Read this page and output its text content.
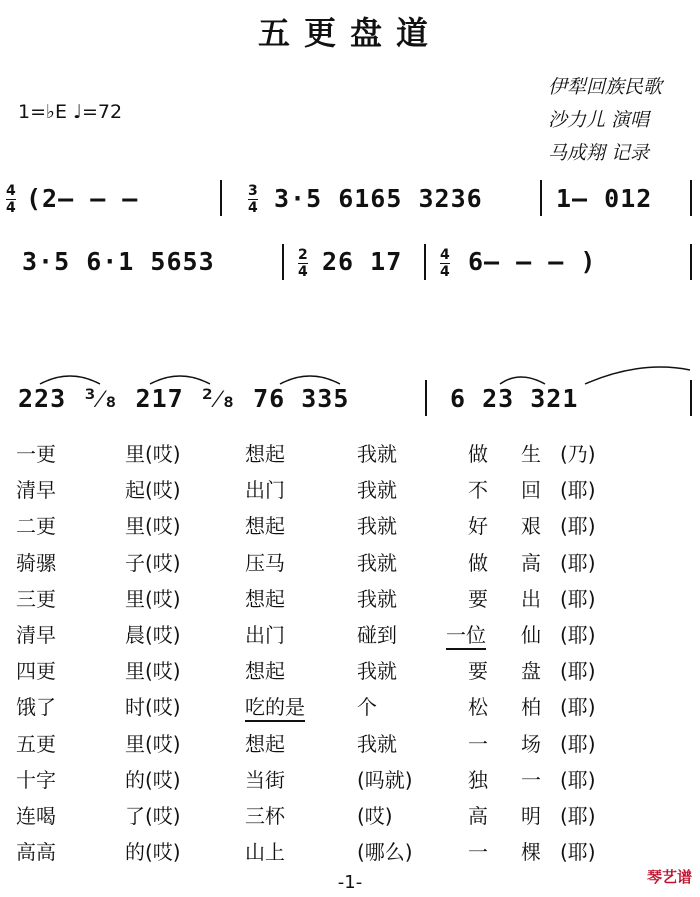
五更盘道
1=♭E ♩=72
伊犁回族民歌
沙力儿 演唱
马成翔 记录
4
4 (2— — —	3
4 3·5 6165 3236	1— 012
3·5 6·1 5653	2
4 26 17	4
4 6— — — )
223 ³⁄₈ 217 ²⁄₈ 76 335	6 23 321
一更	里(哎)	想起	我就	做 生 (乃)
清早	起(哎)	出门	我就	不 回 (耶)
二更	里(哎)	想起	我就	好 艰 (耶)
骑骡	子(哎)	压马	我就	做 高 (耶)
三更	里(哎)	想起	我就	要 出 (耶)
清早	晨(哎)	出门	碰到 一位 仙 (耶)
四更	里(哎)	想起	我就	要 盘 (耶)
饿了	时(哎)	吃的是	个	松 柏 (耶)
五更	里(哎)	想起	我就	一 场 (耶)
十字	的(哎)	当街	(吗就)	独 一 (耶)
连喝	了(哎)	三杯	(哎)	高 明 (耶)
高高	的(哎)	山上	(哪么)	一 棵 (耶)
-1-	琴艺谱
